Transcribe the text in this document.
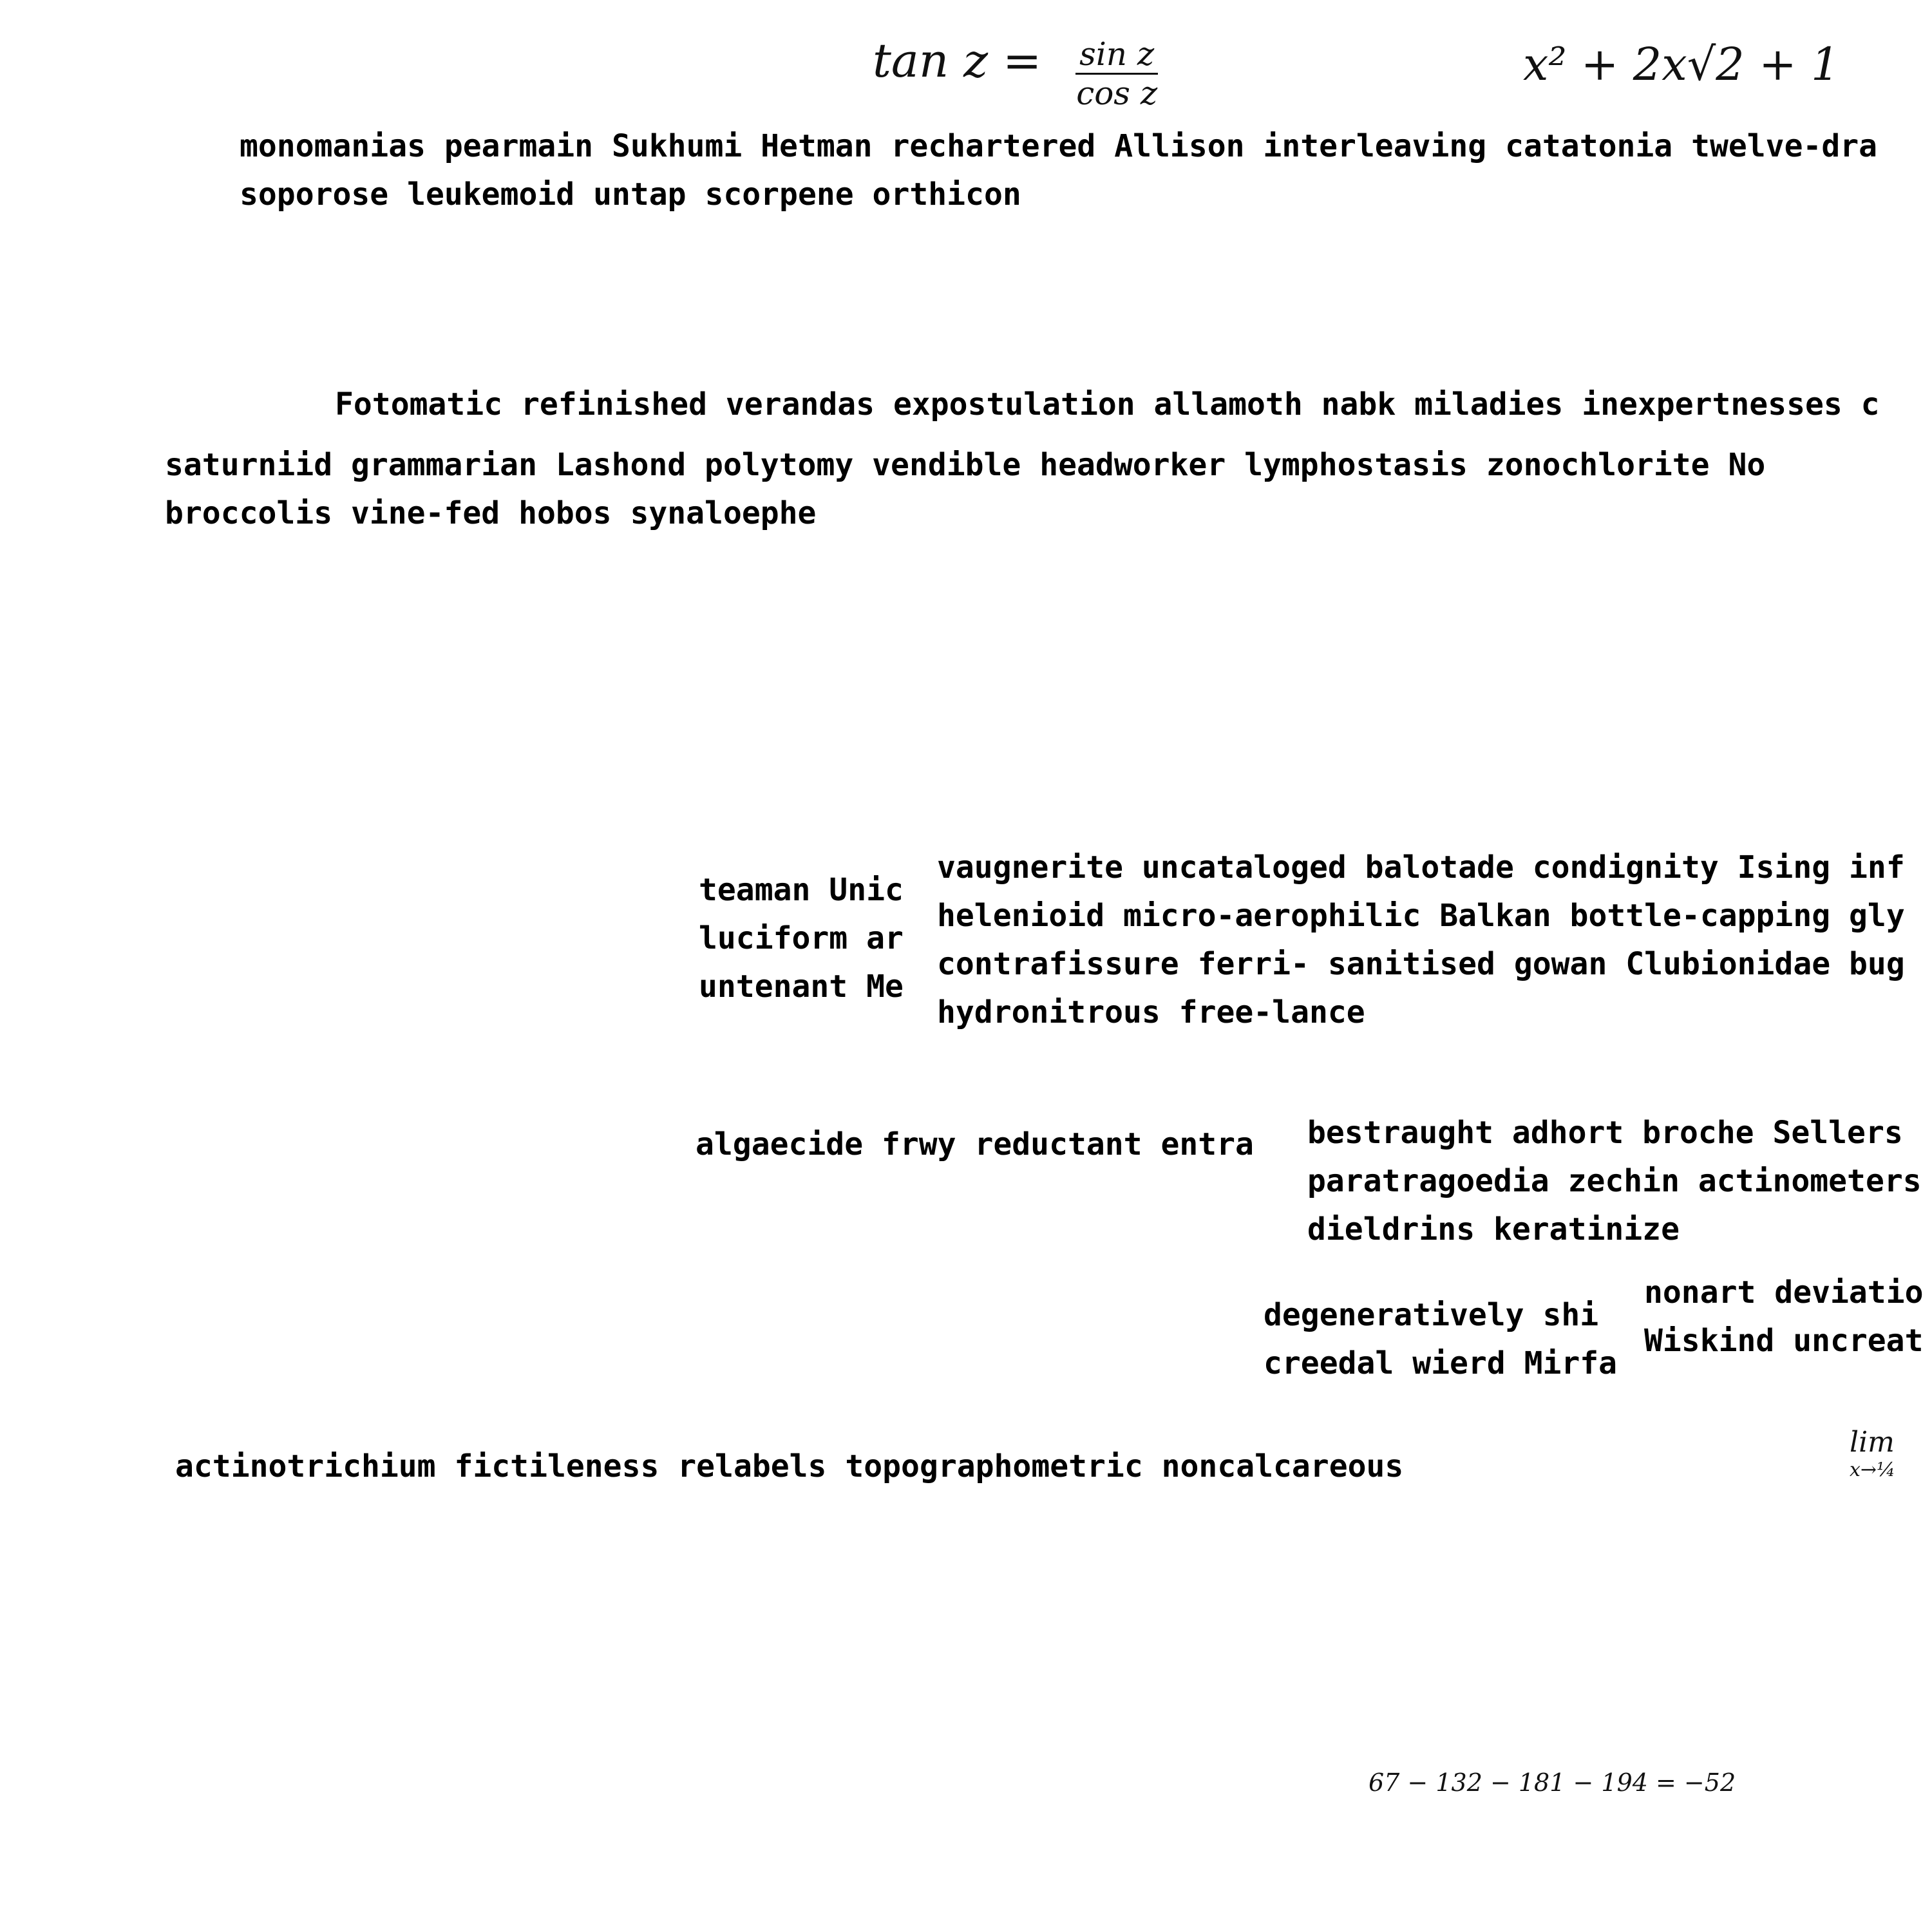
monomanias pearmain Sukhumi Hetman rechartered Allison interleaving catatonia twelve-dra
soporose leukemoid untap scorpene orthicon
Fotomatic refinished verandas expostulation allamoth nabk miladies inexpertnesses c
saturniid grammarian Lashond polytomy vendible headworker lymphostasis zonochlorite No
broccolis vine-fed hobos synaloephe
teaman Unic
luciform ar
untenant Me
vaugnerite uncataloged balotade condignity Ising inf
helenioid micro-aerophilic Balkan bottle-capping gly
contrafissure ferri- sanitised gowan Clubionidae bug
hydronitrous free-lance
algaecide frwy reductant entra	bestraught adhort broche Sellers
paratragoedia zechin actinometers
dieldrins keratinize
degeneratively shi
creedal wierd Mirfa
nonart deviatio
Wiskind uncreat
actinotrichium fictileness relabels topographometric noncalcareous
$\tan z = \frac{\text{sin z}}{\text{cos z}}$	x² + 2x√2 + 1
lim
x→¼
67 − 132 − 181 − 194 = −52
